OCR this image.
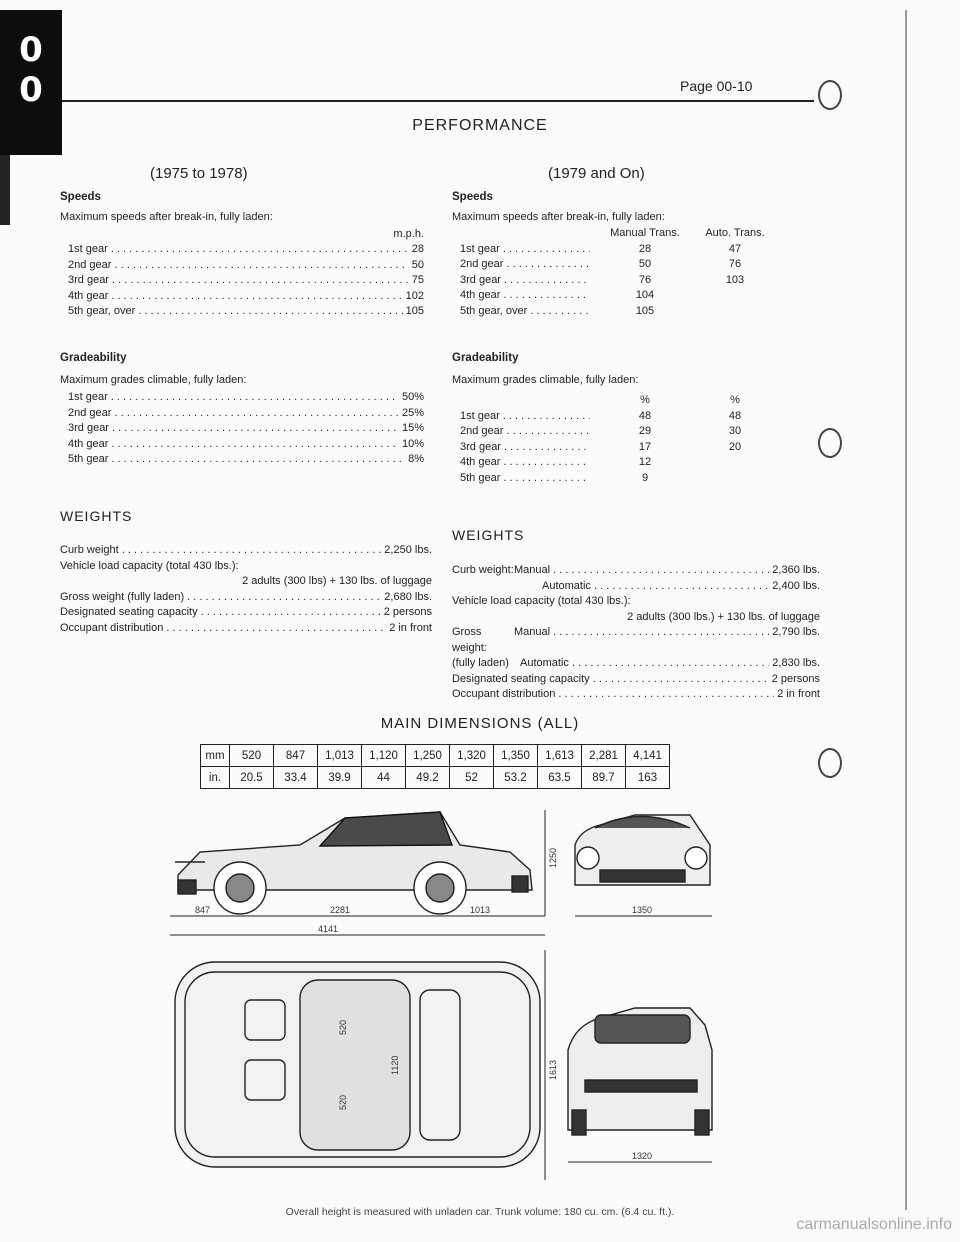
0
0	Page 00-10
PERFORMANCE
(1975 to 1978)
Speeds
Maximum speeds after break-in, fully laden:
m.p.h.
1st gear . . .	28
2nd gear . . .	50
3rd gear . . .	75
4th gear . . .	102
5th gear, over . . .	105
Gradeability
Maximum grades climable, fully laden:
1st gear . . .	50%
2nd gear . . .	25%
3rd gear . . .	15%
4th gear . . .	10%
5th gear . . .	8%
WEIGHTS
Curb weight . . .	2,250 lbs.
Vehicle load capacity (total 430 lbs.):
2 adults (300 lbs) + 130 lbs. of luggage
Gross weight (fully laden) . . .	2,680 lbs.
Designated seating capacity . . .	2 persons
Occupant distribution . . .	2 in front
(1979 and On)
Speeds
Maximum speeds after break-in, fully laden:
Manual Trans.	Auto. Trans.
1st gear . . .	28	47
2nd gear . . .	50	76
3rd gear . . .	76	103
4th gear . . .	104
5th gear, over . . .	105
Gradeability
Maximum grades climable, fully laden:
%	%
1st gear . . .	48	48
2nd gear . . .	29	30
3rd gear . . .	17	20
4th gear . . .	12
5th gear . . .	9
WEIGHTS
Curb weight: Manual . . .	2,360 lbs.
Automatic . . .	2,400 lbs.
Vehicle load capacity (total 430 lbs.):
2 adults (300 lbs.) + 130 lbs. of luggage
Gross weight:
Manual . . .	2,790 lbs.
(fully laden)	Automatic . . .	2,830 lbs.
Designated seating capacity . . .	2 persons
Occupant distribution . . .	2 in front
MAIN DIMENSIONS (ALL)
mm	520	847	1,013	1,120	1,250	1,320	1,350	1,613	2,281	4,141
in.	20.5	33.4	39.9	44	49.2	52	53.2	63.5	89.7	163
847	2281	1013
4141
1250
1350
520
520
1120	1613
1320
Overall height is measured with unladen car. Trunk volume: 180 cu. cm. (6.4 cu. ft.).
carmanualsonline.info
